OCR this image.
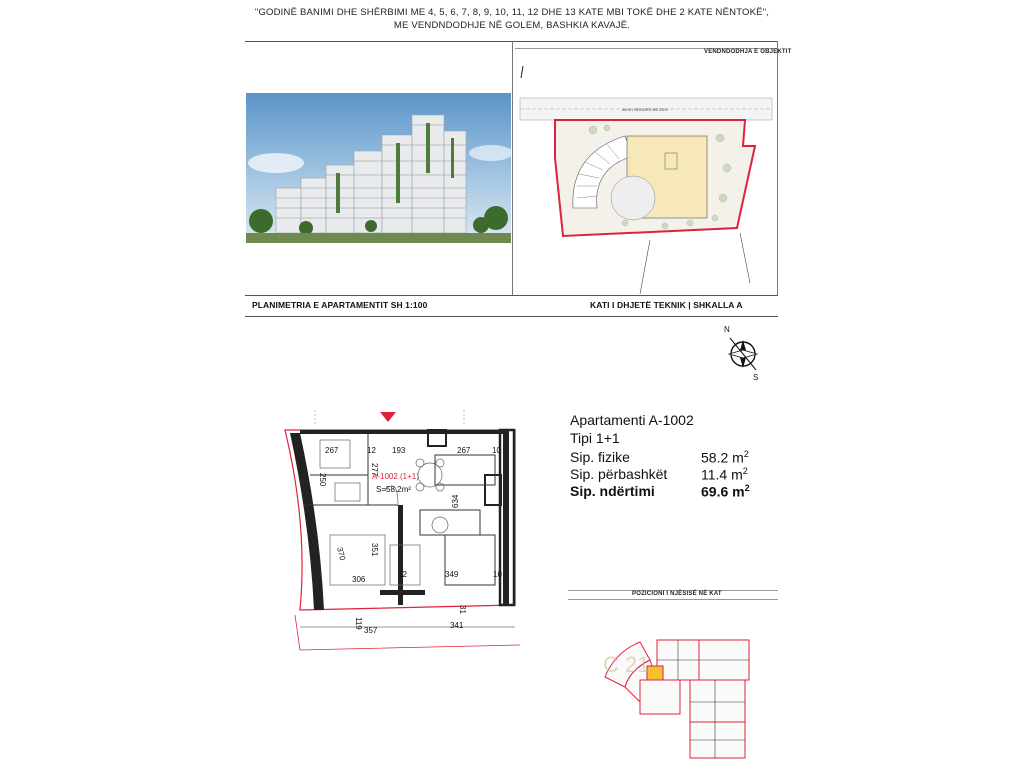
"GODINË BANIMI DHE SHËRBIMI ME 4, 5, 6, 7, 8, 9, 10, 11, 12 DHE 13 KATE MBI TOKË DHE 2 KATE NËNTOKË",
ME VENDNDODHJE NË GOLEM, BASHKIA KAVAJË.
VENDNDODHJA E OBJEKTIT
AKSI I RRUGËS NË ZEVI
PLANIMETRIA E APARTAMENTIT SH 1:100	KATI I DHJETË TEKNIK | SHKALLA A
N
S
267	193	267	10
12
250
277
634
370	351
306
12	349	10
119
357
341
31
A-1002 (1+1)
S=58.2m²
Apartamenti A-1002
Tipi 1+1
Sip. fizike	58.2 $m^2$
Sip. përbashkët 11.4 $m^2$
Sip. ndërtimi	69.6 $m^2$
POZICIONI I NJËSISË NË KAT
C 21
